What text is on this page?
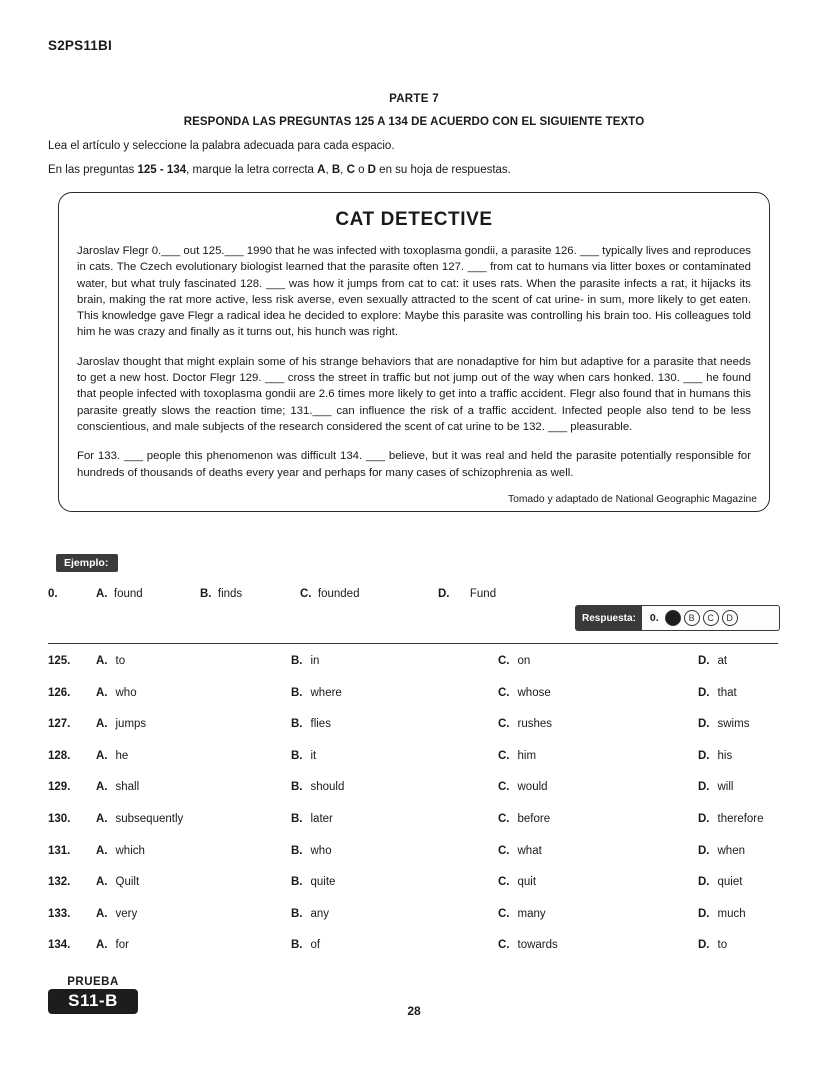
S2PS11BI
PARTE 7
RESPONDA LAS PREGUNTAS 125 A 134 DE ACUERDO CON EL SIGUIENTE TEXTO
Lea el artículo y seleccione la palabra adecuada para cada espacio.
En las preguntas 125 - 134, marque la letra correcta A, B, C o D en su hoja de respuestas.
CAT DETECTIVE

Jaroslav Flegr 0.___ out 125.___ 1990 that he was infected with toxoplasma gondii, a parasite 126. ___ typically lives and reproduces in cats. The Czech evolutionary biologist learned that the parasite often 127. ___ from cat to humans via litter boxes or contaminated water, but what truly fascinated 128. ___ was how it jumps from cat to cat: it uses rats. When the parasite infects a rat, it hijacks its brain, making the rat more active, less risk averse, even sexually attracted to the scent of cat urine- in sum, more likely to get eaten. This knowledge gave Flegr a radical idea he decided to explore: Maybe this parasite was controlling his brain too. His colleagues told him he was crazy and finally as it turns out, his hunch was right.

Jaroslav thought that might explain some of his strange behaviors that are nonadaptive for him but adaptive for a parasite that needs to get a new host. Doctor Flegr 129. ___ cross the street in traffic but not jump out of the way when cars honked. 130. ___ he found that people infected with toxoplasma gondii are 2.6 times more likely to get into a traffic accident. Flegr also found that in humans this parasite greatly slows the reaction time; 131.___ can influence the risk of a traffic accident. Infected people also tend to be less conscientious, and male subjects of the research considered the scent of cat urine to be 132. ___ pleasurable.

For 133. ___ people this phenomenon was difficult 134. ___ believe, but it was real and held the parasite potentially responsible for hundreds of thousands of deaths every year and perhaps for many cases of schizophrenia as well.

Tomado y adaptado de National Geographic Magazine
Ejemplo:
0.	A. found	B. finds	C. founded	D. Fund
Respuesta:	0.	A	B	C	D
125. A. to	B. in	C. on	D. at
126. A. who	B. where	C. whose	D. that
127. A. jumps	B. flies	C. rushes	D. swims
128. A. he	B. it	C. him	D. his
129. A. shall	B. should	C. would	D. will
130. A. subsequently	B. later	C. before	D. therefore
131. A. which	B. who	C. what	D. when
132. A. Quilt	B. quite	C. quit	D. quiet
133. A. very	B. any	C. many	D. much
134. A. for	B. of	C. towards	D. to
PRUEBA
S11-B
28
